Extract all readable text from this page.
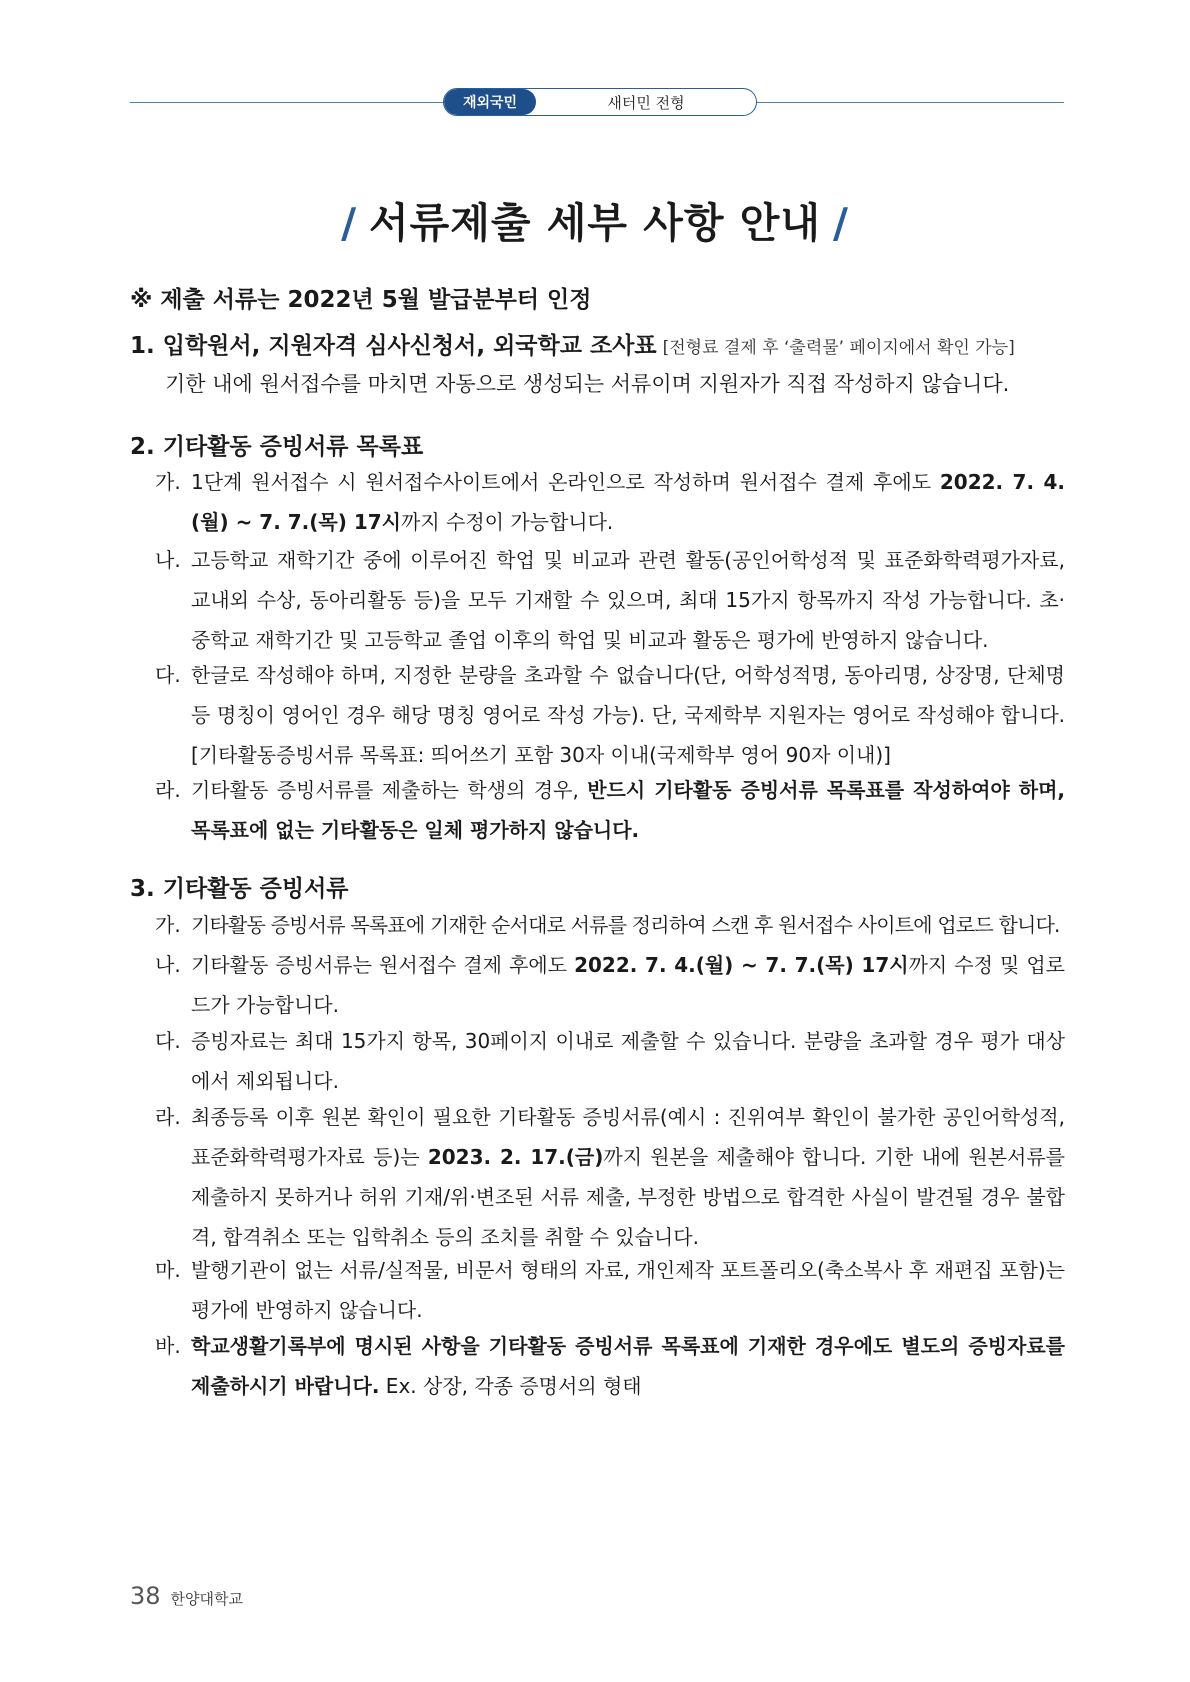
재외국민	새터민 전형
/ 서류제출 세부 사항 안내 /
※ 제출 서류는 2022년 5월 발급분부터 인정
1. 입학원서, 지원자격 심사신청서, 외국학교 조사표 [전형료 결제 후 ‘출력물’ 페이지에서 확인 가능]
기한 내에 원서접수를 마치면 자동으로 생성되는 서류이며 지원자가 직접 작성하지 않습니다.
2. 기타활동 증빙서류 목록표
가. 1단계 원서접수 시 원서접수사이트에서 온라인으로 작성하며 원서접수 결제 후에도 2022. 7. 4.(월) ~ 7. 7.(목) 17시까지 수정이 가능합니다.
나. 고등학교 재학기간 중에 이루어진 학업 및 비교과 관련 활동(공인어학성적 및 표준화학력평가자료, 교내외 수상, 동아리활동 등)을 모두 기재할 수 있으며, 최대 15가지 항목까지 작성 가능합니다. 초·중학교 재학기간 및 고등학교 졸업 이후의 학업 및 비교과 활동은 평가에 반영하지 않습니다.
다. 한글로 작성해야 하며, 지정한 분량을 초과할 수 없습니다(단, 어학성적명, 동아리명, 상장명, 단체명 등 명칭이 영어인 경우 해당 명칭 영어로 작성 가능). 단, 국제학부 지원자는 영어로 작성해야 합니다. [기타활동증빙서류 목록표: 띄어쓰기 포함 30자 이내(국제학부 영어 90자 이내)]
라. 기타활동 증빙서류를 제출하는 학생의 경우, 반드시 기타활동 증빙서류 목록표를 작성하여야 하며, 목록표에 없는 기타활동은 일체 평가하지 않습니다.
3. 기타활동 증빙서류
가. 기타활동 증빙서류 목록표에 기재한 순서대로 서류를 정리하여 스캔 후 원서접수 사이트에 업로드 합니다.
나. 기타활동 증빙서류는 원서접수 결제 후에도 2022. 7. 4.(월) ~ 7. 7.(목) 17시까지 수정 및 업로드가 가능합니다.
다. 증빙자료는 최대 15가지 항목, 30페이지 이내로 제출할 수 있습니다. 분량을 초과할 경우 평가 대상에서 제외됩니다.
라. 최종등록 이후 원본 확인이 필요한 기타활동 증빙서류(예시 : 진위여부 확인이 불가한 공인어학성적, 표준화학력평가자료 등)는 2023. 2. 17.(금)까지 원본을 제출해야 합니다. 기한 내에 원본서류를 제출하지 못하거나 허위 기재/위·변조된 서류 제출, 부정한 방법으로 합격한 사실이 발견될 경우 불합격, 합격취소 또는 입학취소 등의 조치를 취할 수 있습니다.
마. 발행기관이 없는 서류/실적물, 비문서 형태의 자료, 개인제작 포트폴리오(축소복사 후 재편집 포함)는 평가에 반영하지 않습니다.
바. 학교생활기록부에 명시된 사항을 기타활동 증빙서류 목록표에 기재한 경우에도 별도의 증빙자료를 제출하시기 바랍니다. Ex. 상장, 각종 증명서의 형태
38 한양대학교
